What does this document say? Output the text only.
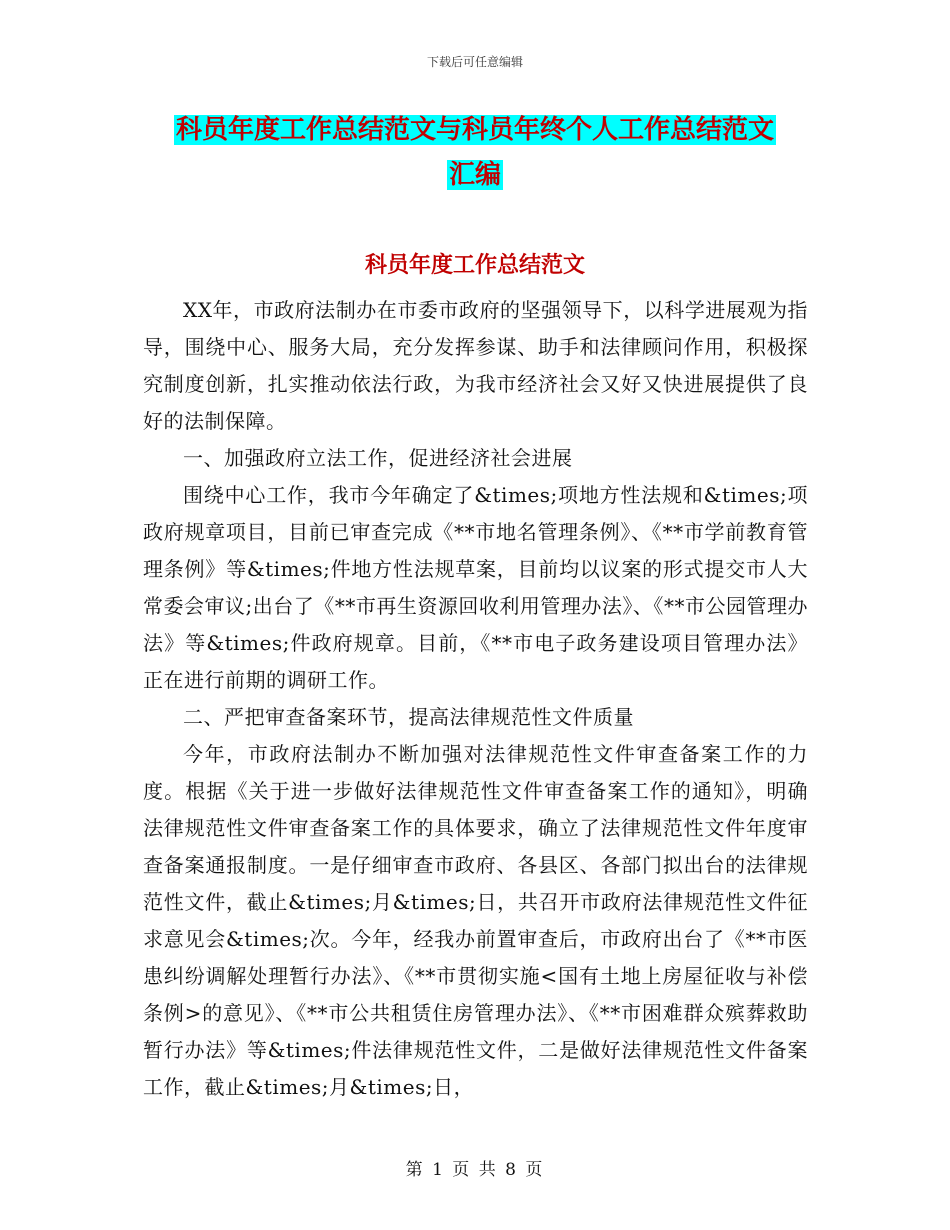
下载后可任意编辑
科员年度工作总结范文与科员年终个人工作总结范文
汇编
科员年度工作总结范文

XX年，市政府法制办在市委市政府的坚强领导下，以科学进展观为指导，围绕中心、服务大局，充分发挥参谋、助手和法律顾问作用，积极探究制度创新，扎实推动依法行政，为我市经济社会又好又快进展提供了良好的法制保障。

一、加强政府立法工作，促进经济社会进展

围绕中心工作，我市今年确定了&times;项地方性法规和&times;项政府规章项目，目前已审查完成《**市地名管理条例》、《**市学前教育管理条例》等&times;件地方性法规草案，目前均以议案的形式提交市人大常委会审议;出台了《**市再生资源回收利用管理办法》、《**市公园管理办法》等&times;件政府规章。目前，《**市电子政务建设项目管理办法》正在进行前期的调研工作。

二、严把审查备案环节，提高法律规范性文件质量

今年，市政府法制办不断加强对法律规范性文件审查备案工作的力度。根据《关于进一步做好法律规范性文件审查备案工作的通知》，明确法律规范性文件审查备案工作的具体要求，确立了法律规范性文件年度审查备案通报制度。一是仔细审查市政府、各县区、各部门拟出台的法律规范性文件，截止&times;月&times;日，共召开市政府法律规范性文件征求意见会&times;次。今年，经我办前置审查后，市政府出台了《**市医患纠纷调解处理暂行办法》、《**市贯彻实施<国有土地上房屋征收与补偿条例>的意见》、《**市公共租赁住房管理办法》、《**市困难群众殡葬救助暂行办法》等&times;件法律规范性文件，二是做好法律规范性文件备案工作，截止&times;月&times;日，

第 1 页 共 8 页
